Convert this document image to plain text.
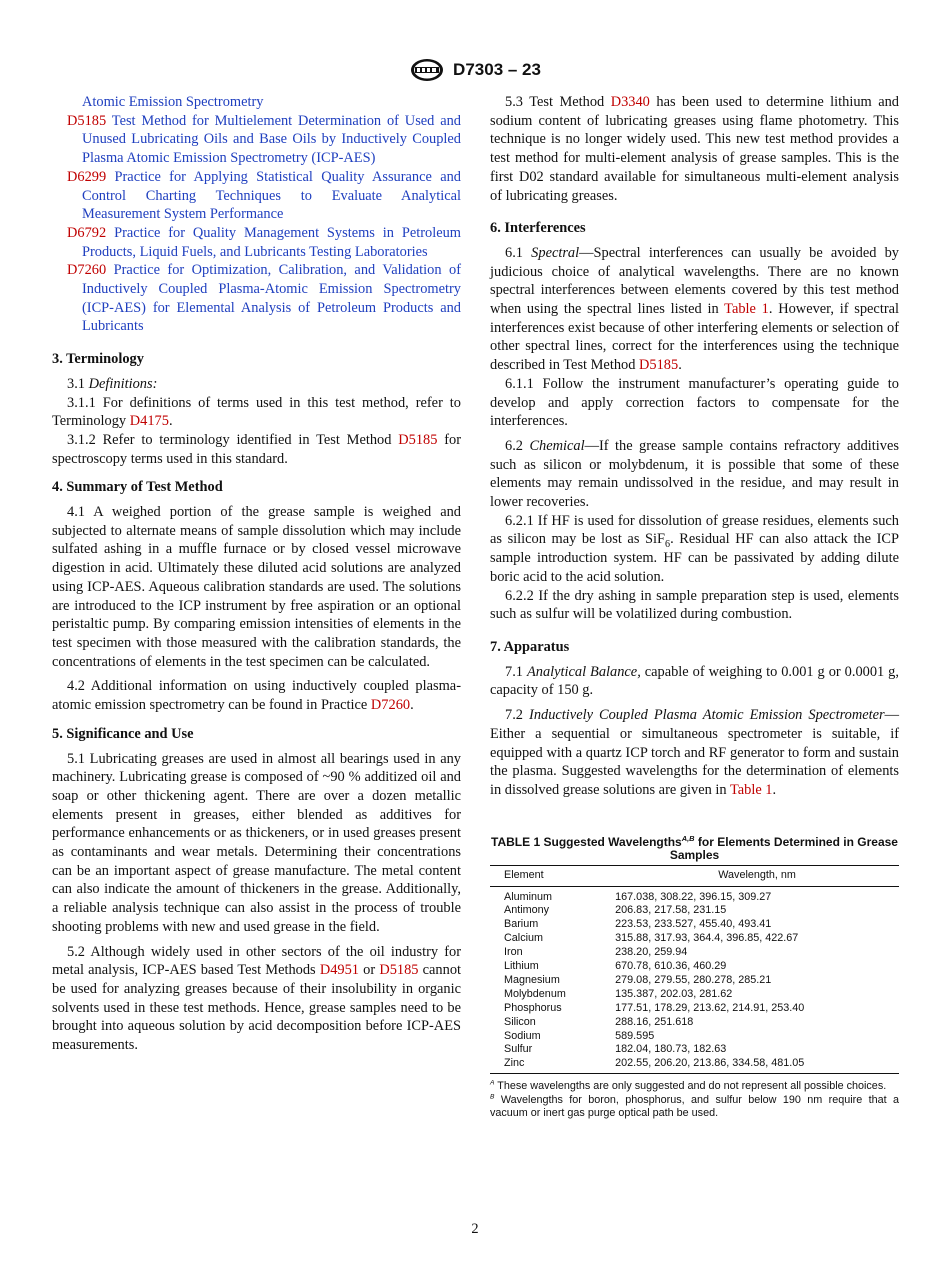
D7303 – 23

Atomic Emission Spectrometry

D5185 Test Method for Multielement Determination of Used and Unused Lubricating Oils and Base Oils by Inductively Coupled Plasma Atomic Emission Spectrometry (ICP-AES)

D6299 Practice for Applying Statistical Quality Assurance and Control Charting Techniques to Evaluate Analytical Measurement System Performance

D6792 Practice for Quality Management Systems in Petroleum Products, Liquid Fuels, and Lubricants Testing Laboratories

D7260 Practice for Optimization, Calibration, and Validation of Inductively Coupled Plasma-Atomic Emission Spectrometry (ICP-AES) for Elemental Analysis of Petroleum Products and Lubricants

3. Terminology

3.1 Definitions:

3.1.1 For definitions of terms used in this test method, refer to Terminology D4175.

3.1.2 Refer to terminology identified in Test Method D5185 for spectroscopy terms used in this standard.

4. Summary of Test Method

4.1 A weighed portion of the grease sample is weighed and subjected to alternate means of sample dissolution which may include sulfated ashing in a muffle furnace or by closed vessel microwave digestion in acid. Ultimately these diluted acid solutions are analyzed using ICP-AES. Aqueous calibration standards are used. The solutions are introduced to the ICP instrument by free aspiration or an optional peristaltic pump. By comparing emission intensities of elements in the test specimen with those measured with the calibration standards, the concentrations of elements in the test specimen can be calculated.

4.2 Additional information on using inductively coupled plasma-atomic emission spectrometry can be found in Practice D7260.

5. Significance and Use

5.1 Lubricating greases are used in almost all bearings used in any machinery. Lubricating grease is composed of ~90 % additized oil and soap or other thickening agent. There are over a dozen metallic elements present in greases, either blended as additives for performance enhancements or as thickeners, or in used greases present as contaminants and wear metals. Determining their concentrations can be an important aspect of grease manufacture. The metal content can also indicate the amount of thickeners in the grease. Additionally, a reliable analysis technique can also assist in the process of trouble shooting problems with new and used grease in the field.

5.2 Although widely used in other sectors of the oil industry for metal analysis, ICP-AES based Test Methods D4951 or D5185 cannot be used for analyzing greases because of their insolubility in organic solvents used in these test methods. Hence, grease samples need to be brought into aqueous solution by acid decomposition before ICP-AES measurements.

5.3 Test Method D3340 has been used to determine lithium and sodium content of lubricating greases using flame photometry. This technique is no longer widely used. This new test method provides a test method for multi-element analysis of grease samples. This is the first D02 standard available for simultaneous multi-element analysis of lubricating greases.

6. Interferences

6.1 Spectral—Spectral interferences can usually be avoided by judicious choice of analytical wavelengths. There are no known spectral interferences between elements covered by this test method when using the spectral lines listed in Table 1. However, if spectral interferences exist because of other interfering elements or selection of other spectral lines, correct for the interferences using the technique described in Test Method D5185.

6.1.1 Follow the instrument manufacturer’s operating guide to develop and apply correction factors to compensate for the interferences.

6.2 Chemical—If the grease sample contains refractory additives such as silicon or molybdenum, it is possible that some of these elements may remain undissolved in the residue, and may result in lower recoveries.

6.2.1 If HF is used for dissolution of grease residues, elements such as silicon may be lost as SiF$_6$. Residual HF can also attack the ICP sample introduction system. HF can be passivated by adding dilute boric acid to the acid solution.

6.2.2 If the dry ashing in sample preparation step is used, elements such as sulfur will be volatilized during combustion.

7. Apparatus

7.1 Analytical Balance, capable of weighing to 0.001 g or 0.0001 g, capacity of 150 g.

7.2 Inductively Coupled Plasma Atomic Emission Spectrometer—Either a sequential or simultaneous spectrometer is suitable, if equipped with a quartz ICP torch and RF generator to form and sustain the plasma. Suggested wavelengths for the determination of elements in dissolved grease solutions are given in Table 1.

TABLE 1 Suggested Wavelengths$^{A,B}$ for Elements Determined in Grease Samples
Element	Wavelength, nm
Aluminum	167.038, 308.22, 396.15, 309.27
Antimony	206.83, 217.58, 231.15
Barium	223.53, 233.527, 455.40, 493.41
Calcium	315.88, 317.93, 364.4, 396.85, 422.67
Iron	238.20, 259.94
Lithium	670.78, 610.36, 460.29
Magnesium	279.08, 279.55, 280.278, 285.21
Molybdenum	135.387, 202.03, 281.62
Phosphorus	177.51, 178.29, 213.62, 214.91, 253.40
Silicon	288.16, 251.618
Sodium	589.595
Sulfur	182.04, 180.73, 182.63
Zinc	202.55, 206.20, 213.86, 334.58, 481.05

$^A$ These wavelengths are only suggested and do not represent all possible choices.

$^B$ Wavelengths for boron, phosphorus, and sulfur below 190 nm require that a vacuum or inert gas purge optical path be used.

2
